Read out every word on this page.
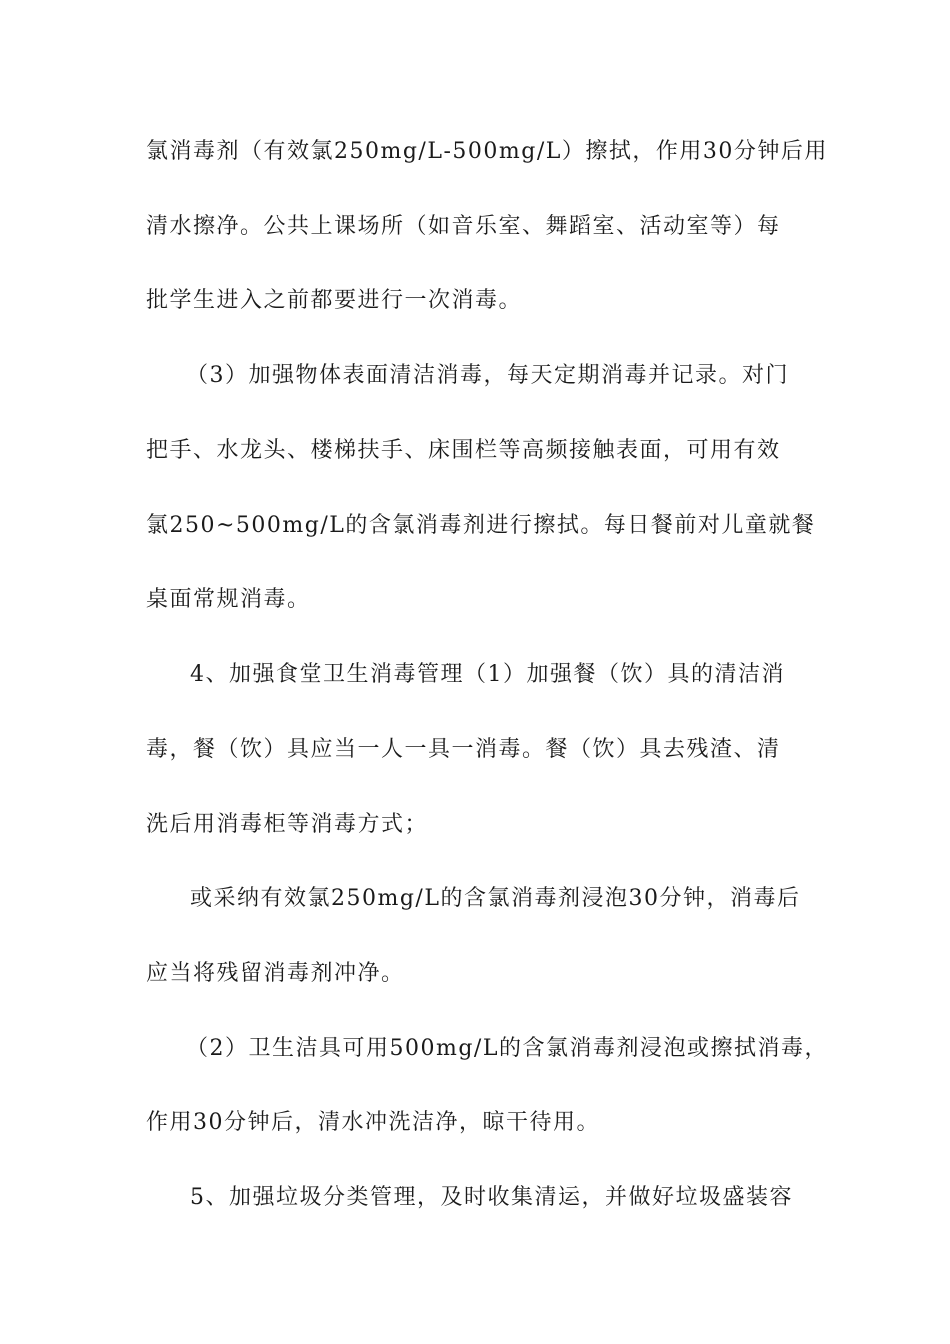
氯消毒剂（有效氯250mg/L-500mg/L）擦拭，作用30分钟后用
清水擦净。公共上课场所（如音乐室、舞蹈室、活动室等）每
批学生进入之前都要进行一次消毒。
（3）加强物体表面清洁消毒，每天定期消毒并记录。对门
把手、水龙头、楼梯扶手、床围栏等高频接触表面，可用有效
氯250~500mg/L的含氯消毒剂进行擦拭。每日餐前对儿童就餐
桌面常规消毒。
4、加强食堂卫生消毒管理（1）加强餐（饮）具的清洁消
毒，餐（饮）具应当一人一具一消毒。餐（饮）具去残渣、清
洗后用消毒柜等消毒方式；
或采纳有效氯250mg/L的含氯消毒剂浸泡30分钟，消毒后
应当将残留消毒剂冲净。
（2）卫生洁具可用500mg/L的含氯消毒剂浸泡或擦拭消毒，
作用30分钟后，清水冲洗洁净，晾干待用。
5、加强垃圾分类管理，及时收集清运，并做好垃圾盛装容
